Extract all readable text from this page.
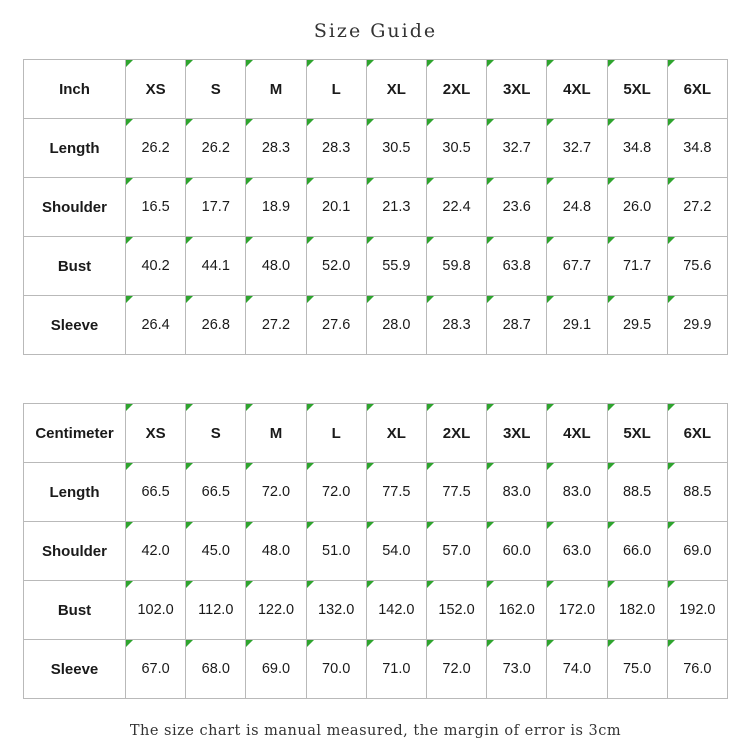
Size Guide
Inch	XS	S	M	L	XL	2XL	3XL	4XL	5XL	6XL
Length	26.2	26.2	28.3	28.3	30.5	30.5	32.7	32.7	34.8	34.8
Shoulder	16.5	17.7	18.9	20.1	21.3	22.4	23.6	24.8	26.0	27.2
Bust	40.2	44.1	48.0	52.0	55.9	59.8	63.8	67.7	71.7	75.6
Sleeve	26.4	26.8	27.2	27.6	28.0	28.3	28.7	29.1	29.5	29.9
Centimeter	XS	S	M	L	XL	2XL	3XL	4XL	5XL	6XL
Length	66.5	66.5	72.0	72.0	77.5	77.5	83.0	83.0	88.5	88.5
Shoulder	42.0	45.0	48.0	51.0	54.0	57.0	60.0	63.0	66.0	69.0
Bust	102.0	112.0	122.0	132.0	142.0	152.0	162.0	172.0	182.0	192.0
Sleeve	67.0	68.0	69.0	70.0	71.0	72.0	73.0	74.0	75.0	76.0
The size chart is manual measured, the margin of error is 3cm
